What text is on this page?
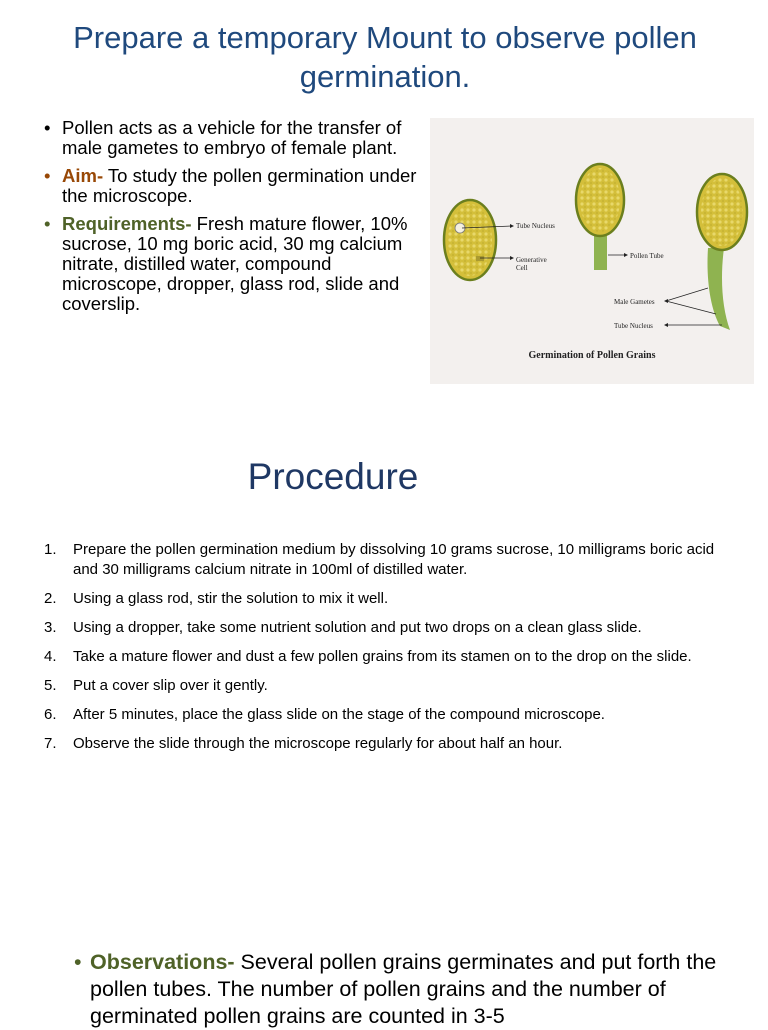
Prepare a temporary Mount to observe pollen germination.
• Pollen acts as a vehicle for the transfer of male gametes to embryo of female plant.
• Aim- To study the pollen germination under the microscope.
• Requirements- Fresh mature flower, 10% sucrose, 10 mg boric acid, 30 mg calcium nitrate, distilled water, compound microscope, dropper, glass rod, slide and coverslip.
Tube Nucleus
Generative Cell
Pollen Tube
Male Gametes
Tube Nucleus
Germination of Pollen Grains
Procedure
1. Prepare the pollen germination medium by dissolving 10 grams sucrose, 10 milligrams boric acid and 30 milligrams calcium nitrate in 100ml of distilled water.
2. Using a glass rod, stir the solution to mix it well.
3. Using a dropper, take some nutrient solution and put two drops on a clean glass slide.
4. Take a mature flower and dust a few pollen grains from its stamen on to the drop on the slide.
5. Put a cover slip over it gently.
6. After 5 minutes, place the glass slide on the stage of the compound microscope.
7. Observe the slide through the microscope regularly for about half an hour.
• Observations- Several pollen grains germinates and put forth the pollen tubes. The number of pollen grains and the number of germinated pollen grains are counted in 3-5
